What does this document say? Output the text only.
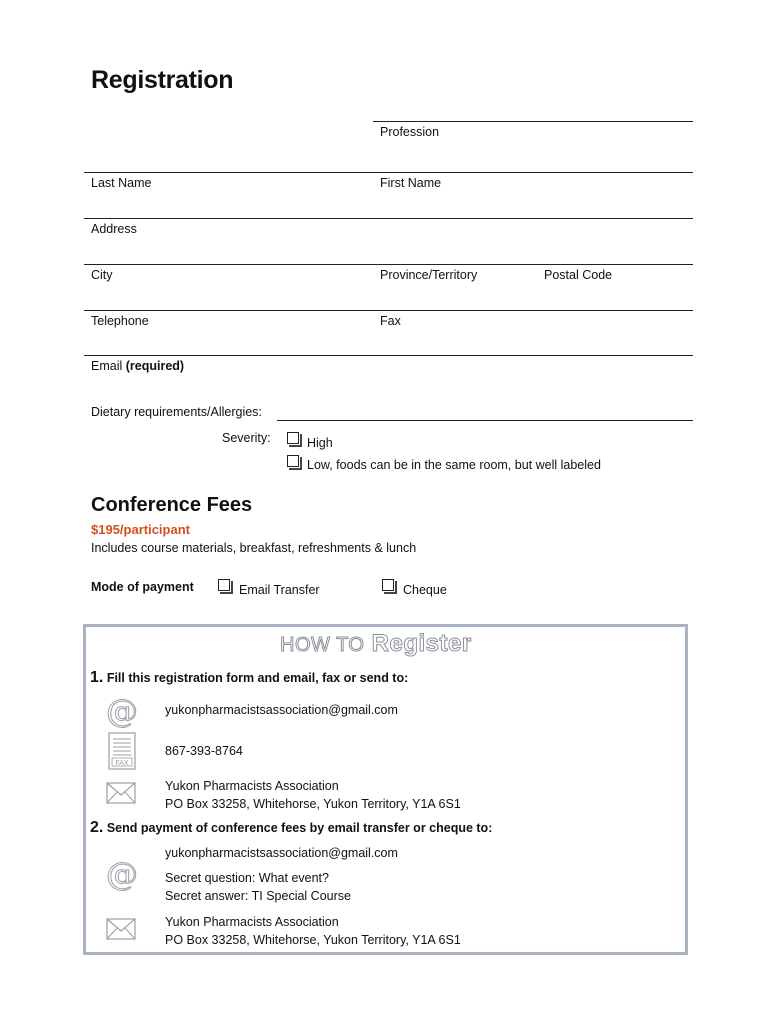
Registration
Profession
Last Name	First Name
Address
City	Province/Territory	Postal Code
Telephone	Fax
Email (required)
Dietary requirements/Allergies:
Severity:	High
Low, foods can be in the same room, but well labeled
Conference Fees
$195/participant
Includes course materials, breakfast, refreshments & lunch
Mode of payment	Email Transfer	Cheque
HOW TO Register
1. Fill this registration form and email, fax or send to:
@ yukonpharmacistsassociation@gmail.com
FAX
867-393-8764
Yukon Pharmacists Association
PO Box 33258, Whitehorse, Yukon Territory, Y1A 6S1
2. Send payment of conference fees by email transfer or cheque to:
yukonpharmacistsassociation@gmail.com
@ Secret question: What event?
Secret answer: TI Special Course
Yukon Pharmacists Association
PO Box 33258, Whitehorse, Yukon Territory, Y1A 6S1
